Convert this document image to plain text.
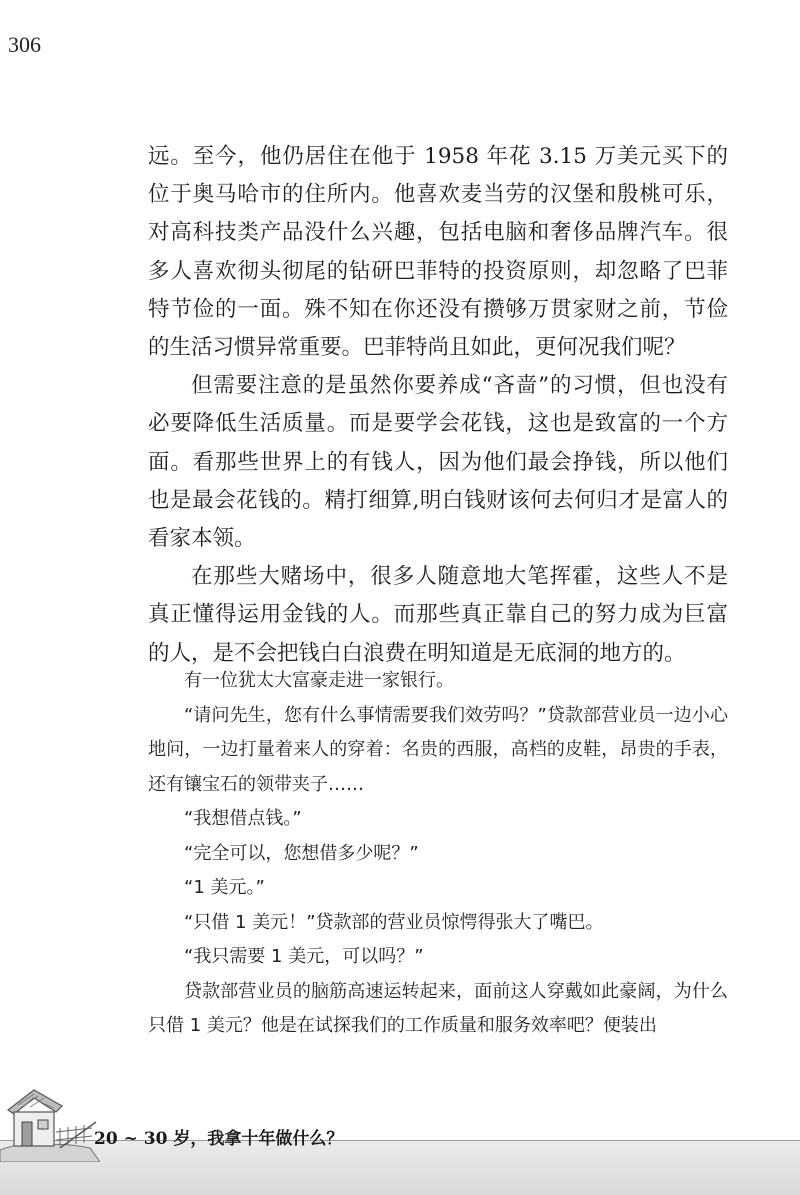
306

远。至今，他仍居住在他于 1958 年花 3.15 万美元买下的位于奥马哈市的住所内。他喜欢麦当劳的汉堡和殷桃可乐，对高科技类产品没什么兴趣，包括电脑和奢侈品牌汽车。很多人喜欢彻头彻尾的钻研巴菲特的投资原则，却忽略了巴菲特节俭的一面。殊不知在你还没有攒够万贯家财之前，节俭的生活习惯异常重要。巴菲特尚且如此，更何况我们呢？

但需要注意的是虽然你要养成“吝啬”的习惯，但也没有必要降低生活质量。而是要学会花钱，这也是致富的一个方面。看那些世界上的有钱人，因为他们最会挣钱，所以他们也是最会花钱的。精打细算,明白钱财该何去何归才是富人的看家本领。

在那些大赌场中，很多人随意地大笔挥霍，这些人不是真正懂得运用金钱的人。而那些真正靠自己的努力成为巨富的人，是不会把钱白白浪费在明知道是无底洞的地方的。

有一位犹太大富豪走进一家银行。

“请问先生，您有什么事情需要我们效劳吗？”贷款部营业员一边小心地问，一边打量着来人的穿着：名贵的西服，高档的皮鞋，昂贵的手表，还有镶宝石的领带夹子……

“我想借点钱。”

“完全可以，您想借多少呢？”

“1 美元。”

“只借 1 美元！”贷款部的营业员惊愕得张大了嘴巴。

“我只需要 1 美元，可以吗？”

贷款部营业员的脑筋高速运转起来，面前这人穿戴如此豪阔，为什么只借 1 美元？他是在试探我们的工作质量和服务效率吧？便装出

20 ~ 30 岁，我拿十年做什么？
